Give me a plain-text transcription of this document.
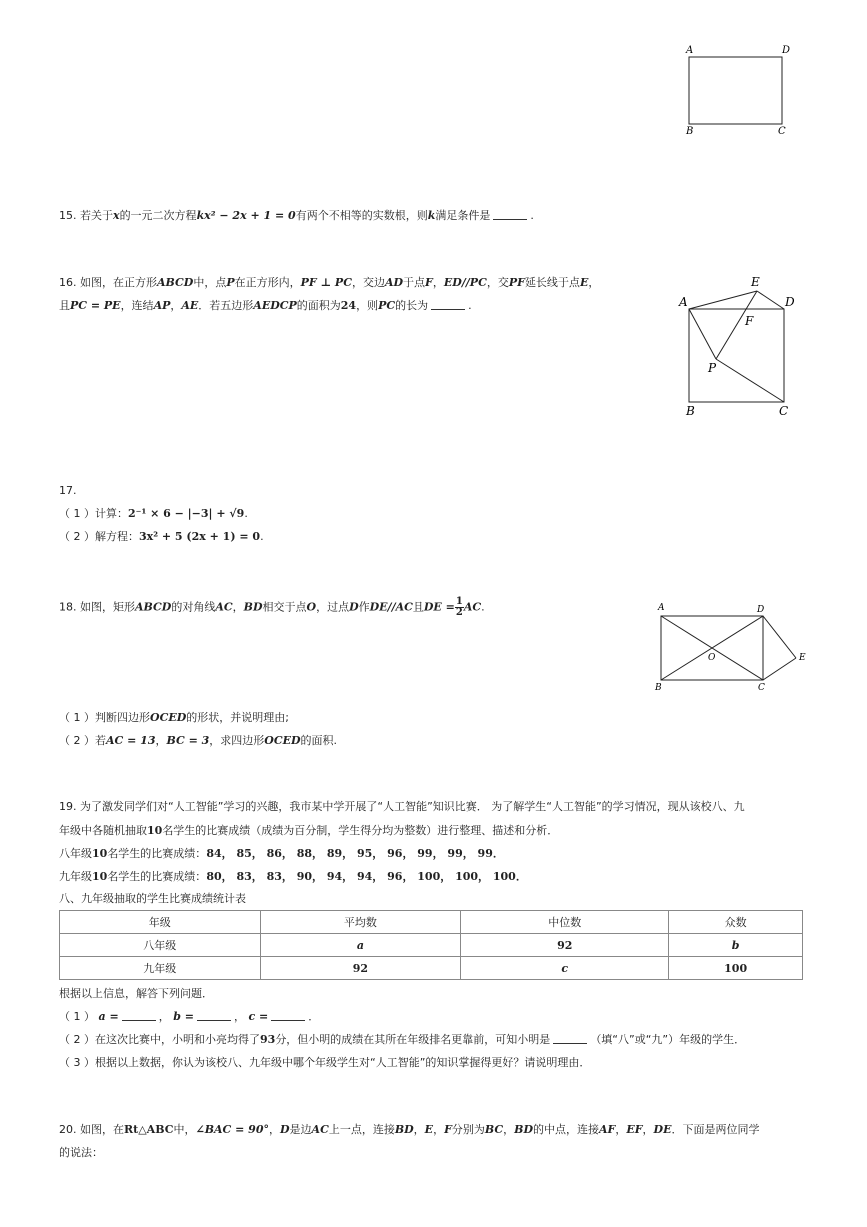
A	D
B	C
15. 若关于x的一元二次方程kx² − 2x + 1 = 0有两个不相等的实数根，则k满足条件是	.
16. 如图，在正方形ABCD中，点P在正方形内，PF ⊥ PC，交边AD于点F，ED//PC，交PF延长线于点E，
且PC = PE，连结AP，AE．若五边形AEDCP的面积为24，则PC的长为	.	A
E
D
F
P
B	C
17.
（ 1 ）计算：2⁻¹ × 6 − |−3| + √9.
（ 2 ）解方程：3x² + 5 (2x + 1) = 0.
18. 如图，矩形ABCD的对角线AC，BD相交于点O，过点D作DE//AC且DE = $\frac{1}{2}$ AC.	A	D
O	E
B	C
（ 1 ）判断四边形OCED的形状，并说明理由;
（ 2 ）若AC = 13，BC = 3，求四边形OCED的面积.
19. 为了激发同学们对“人工智能”学习的兴趣，我市某中学开展了“人工智能”知识比赛． 为了解学生“人工智能”的学习情况，现从该校八、九
年级中各随机抽取10名学生的比赛成绩（成绩为百分制，学生得分均为整数）进行整理、描述和分析．
八年级10名学生的比赛成绩：84， 85， 86， 88， 89， 95， 96， 99， 99， 99．
九年级10名学生的比赛成绩：80， 83， 83， 90， 94， 94， 96， 100， 100， 100．
八、九年级抽取的学生比赛成绩统计表
年级	平均数	中位数	众数
八年级	a	92	b
九年级	92	c	100
根据以上信息，解答下列问题．
（ 1 ） a =	， b =	， c =	．
（ 2 ）在这次比赛中，小明和小亮均得了93分，但小明的成绩在其所在年级排名更靠前，可知小明是	（填“八”或“九”）年级的学生．
（ 3 ）根据以上数据，你认为该校八、九年级中哪个年级学生对“人工智能”的知识掌握得更好？请说明理由．
20. 如图，在Rt△ABC中，∠BAC = 90°，D是边AC上一点，连接BD，E，F分别为BC，BD的中点，连接AF，EF，DE．下面是两位同学
的说法：
